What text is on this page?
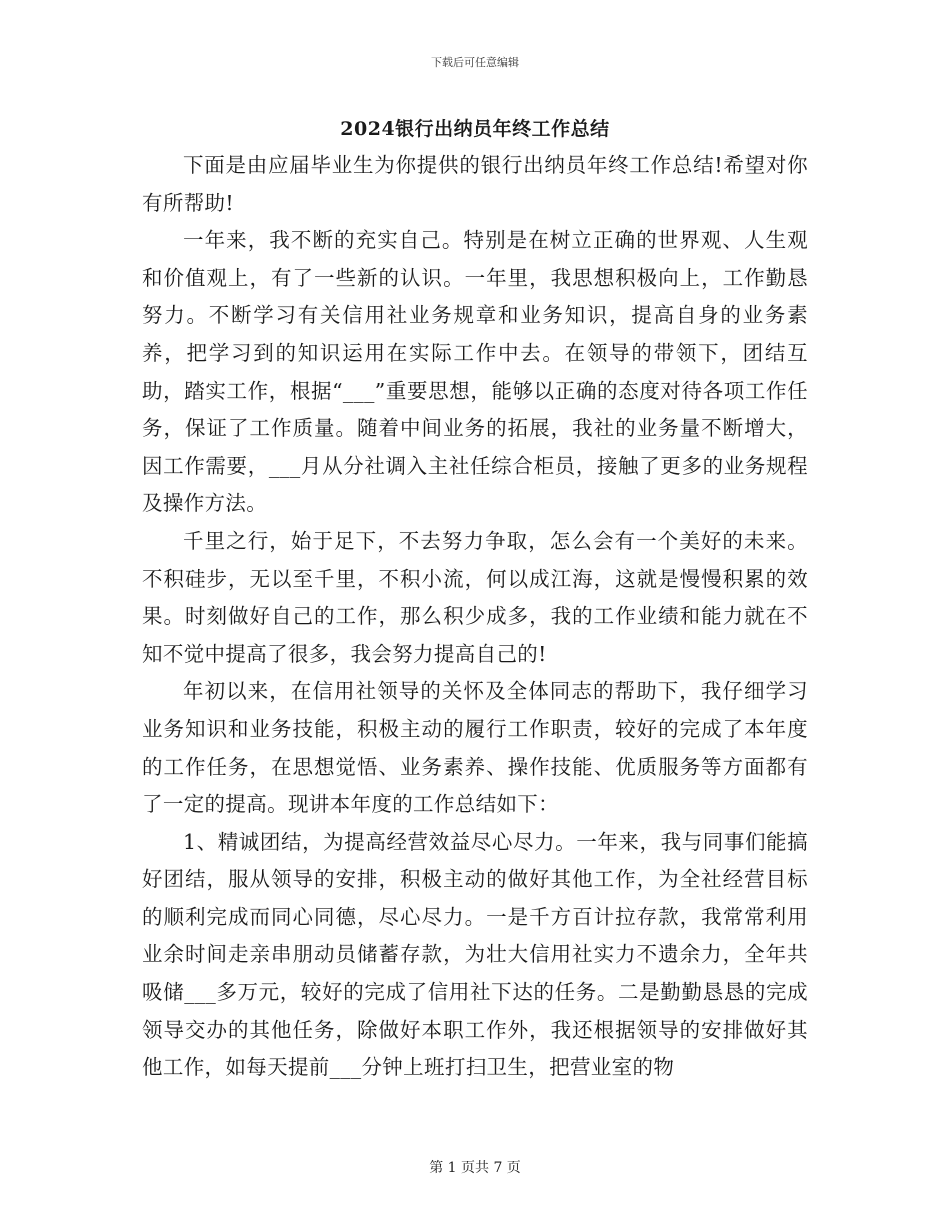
下载后可任意编辑
2024银行出纳员年终工作总结

下面是由应届毕业生为你提供的银行出纳员年终工作总结!希望对你有所帮助!

一年来，我不断的充实自己。特别是在树立正确的世界观、人生观和价值观上，有了一些新的认识。一年里，我思想积极向上，工作勤恳努力。不断学习有关信用社业务规章和业务知识，提高自身的业务素养，把学习到的知识运用在实际工作中去。在领导的带领下，团结互助，踏实工作，根据“___”重要思想，能够以正确的态度对待各项工作任务，保证了工作质量。随着中间业务的拓展，我社的业务量不断增大，因工作需要，___月从分社调入主社任综合柜员，接触了更多的业务规程及操作方法。

千里之行，始于足下，不去努力争取，怎么会有一个美好的未来。不积硅步，无以至千里，不积小流，何以成江海，这就是慢慢积累的效果。时刻做好自己的工作，那么积少成多，我的工作业绩和能力就在不知不觉中提高了很多，我会努力提高自己的!

年初以来，在信用社领导的关怀及全体同志的帮助下，我仔细学习业务知识和业务技能，积极主动的履行工作职责，较好的完成了本年度的工作任务，在思想觉悟、业务素养、操作技能、优质服务等方面都有了一定的提高。现讲本年度的工作总结如下：

1、精诚团结，为提高经营效益尽心尽力。一年来，我与同事们能搞好团结，服从领导的安排，积极主动的做好其他工作，为全社经营目标的顺利完成而同心同德，尽心尽力。一是千方百计拉存款，我常常利用业余时间走亲串朋动员储蓄存款，为壮大信用社实力不遗余力，全年共吸储___多万元，较好的完成了信用社下达的任务。二是勤勤恳恳的完成领导交办的其他任务，除做好本职工作外，我还根据领导的安排做好其他工作，如每天提前___分钟上班打扫卫生，把营业室的物

第 1 页共 7 页
